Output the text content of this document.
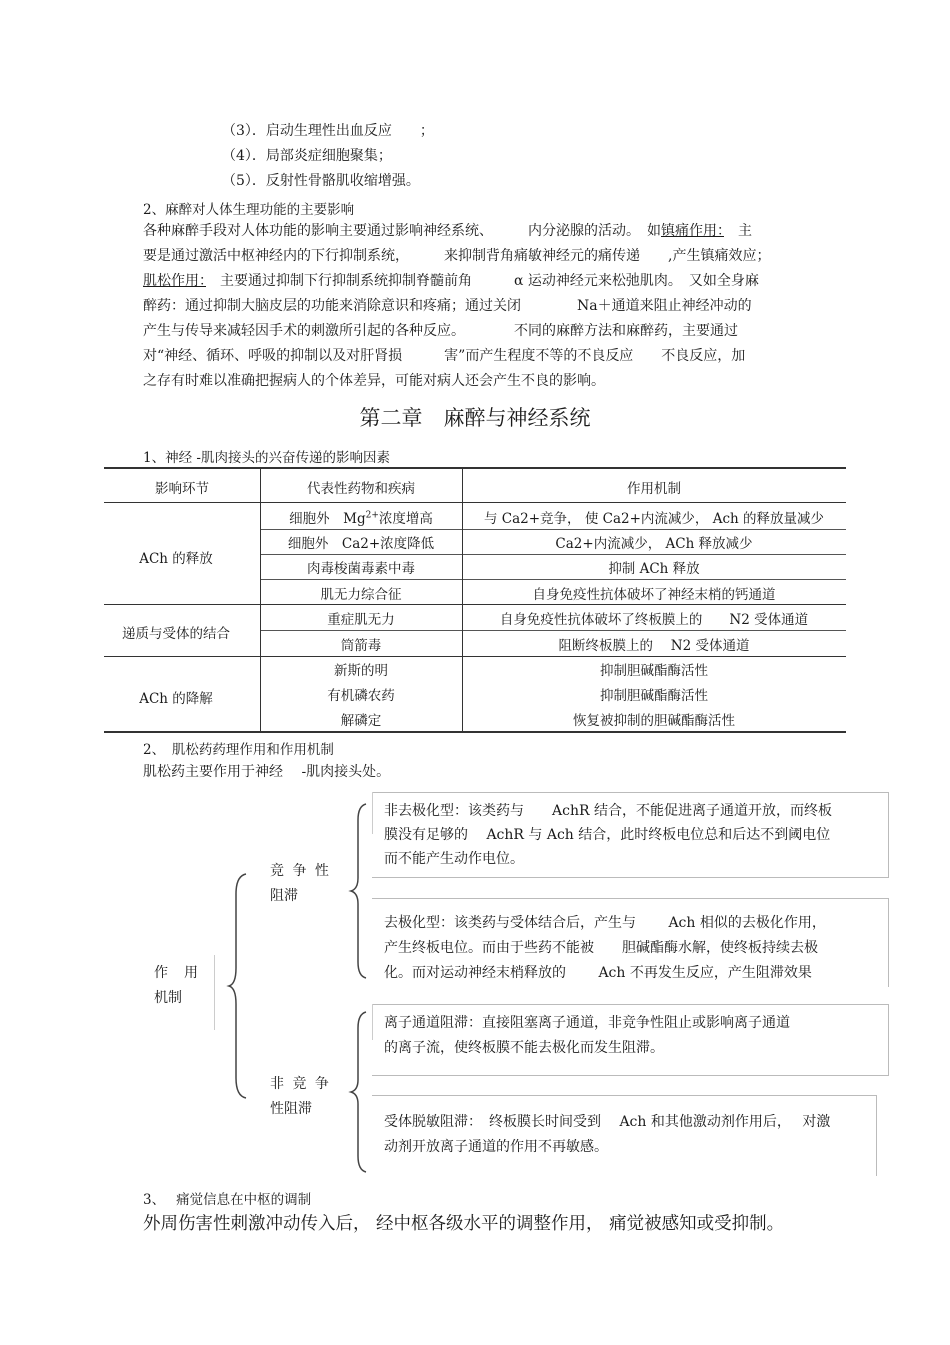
（3）．启动生理性出血反应　　；
（4）．局部炎症细胞聚集；
（5）．反射性骨骼肌收缩增强。
2、麻醉对人体生理功能的主要影响
各种麻醉手段对人体功能的影响主要通过影响神经系统、　　　内分泌腺的活动。　如镇痛作用：　主
要是通过激活中枢神经内的下行抑制系统，　　　来抑制背角痛敏神经元的痛传递　　,产生镇痛效应；
肌松作用：　主要通过抑制下行抑制系统抑制脊髓前角　　　α 运动神经元来松弛肌肉。　又如全身麻
醉药：通过抑制大脑皮层的功能来消除意识和疼痛；通过关闭　　　　Na＋通道来阻止神经冲动的
产生与传导来减轻因手术的刺激所引起的各种反应。　　　　不同的麻醉方法和麻醉药，主要通过
对“神经、循环、呼吸的抑制以及对肝肾损　　　害”而产生程度不等的不良反应　　不良反应，加
之存有时难以准确把握病人的个体差异，可能对病人还会产生不良的影响。
第二章　麻醉与神经系统
1、神经 -肌肉接头的兴奋传递的影响因素
影响环节	代表性药物和疾病	作用机制
ACh 的释放
细胞外　$Mg^{2+}$浓度增高	与 Ca2+竞争， 使 Ca2+内流减少， Ach 的释放量减少
细胞外　Ca2+浓度降低	Ca2+内流减少， ACh 释放减少
肉毒梭菌毒素中毒	抑制 ACh 释放
肌无力综合征	自身免疫性抗体破坏了神经末梢的钙通道
递质与受体的结合
重症肌无力	自身免疫性抗体破坏了终板膜上的　　N2 受体通道
筒箭毒	阻断终板膜上的　 N2 受体通道
ACh 的降解
新斯的明	抑制胆碱酯酶活性
有机磷农药	抑制胆碱酯酶活性
解磷定	恢复被抑制的胆碱酯酶活性
2、　肌松药药理作用和作用机制
肌松药主要作用于神经　 -肌肉接头处。
作　用
机制
竞 争 性
阻滞
非 竞 争
性阻滞
非去极化型：该类药与　　AchR 结合，不能促进离子通道开放，而终板
膜没有足够的　 AchR 与 Ach 结合，此时终板电位总和后达不到阈电位
而不能产生动作电位。
去极化型：该类药与受体结合后，产生与　　 Ach 相似的去极化作用，
产生终板电位。而由于些药不能被　　胆碱酯酶水解，使终板持续去极
化。而对运动神经末梢释放的　　 Ach 不再发生反应，产生阻滞效果
离子通道阻滞：直接阻塞离子通道，非竞争性阻止或影响离子通道
的离子流，使终板膜不能去极化而发生阻滞。
受体脱敏阻滞：　终板膜长时间受到　 Ach 和其他激动剂作用后，　 对激
动剂开放离子通道的作用不再敏感。
3、　 痛觉信息在中枢的调制
外周伤害性刺激冲动传入后， 经中枢各级水平的调整作用， 痛觉被感知或受抑制。
